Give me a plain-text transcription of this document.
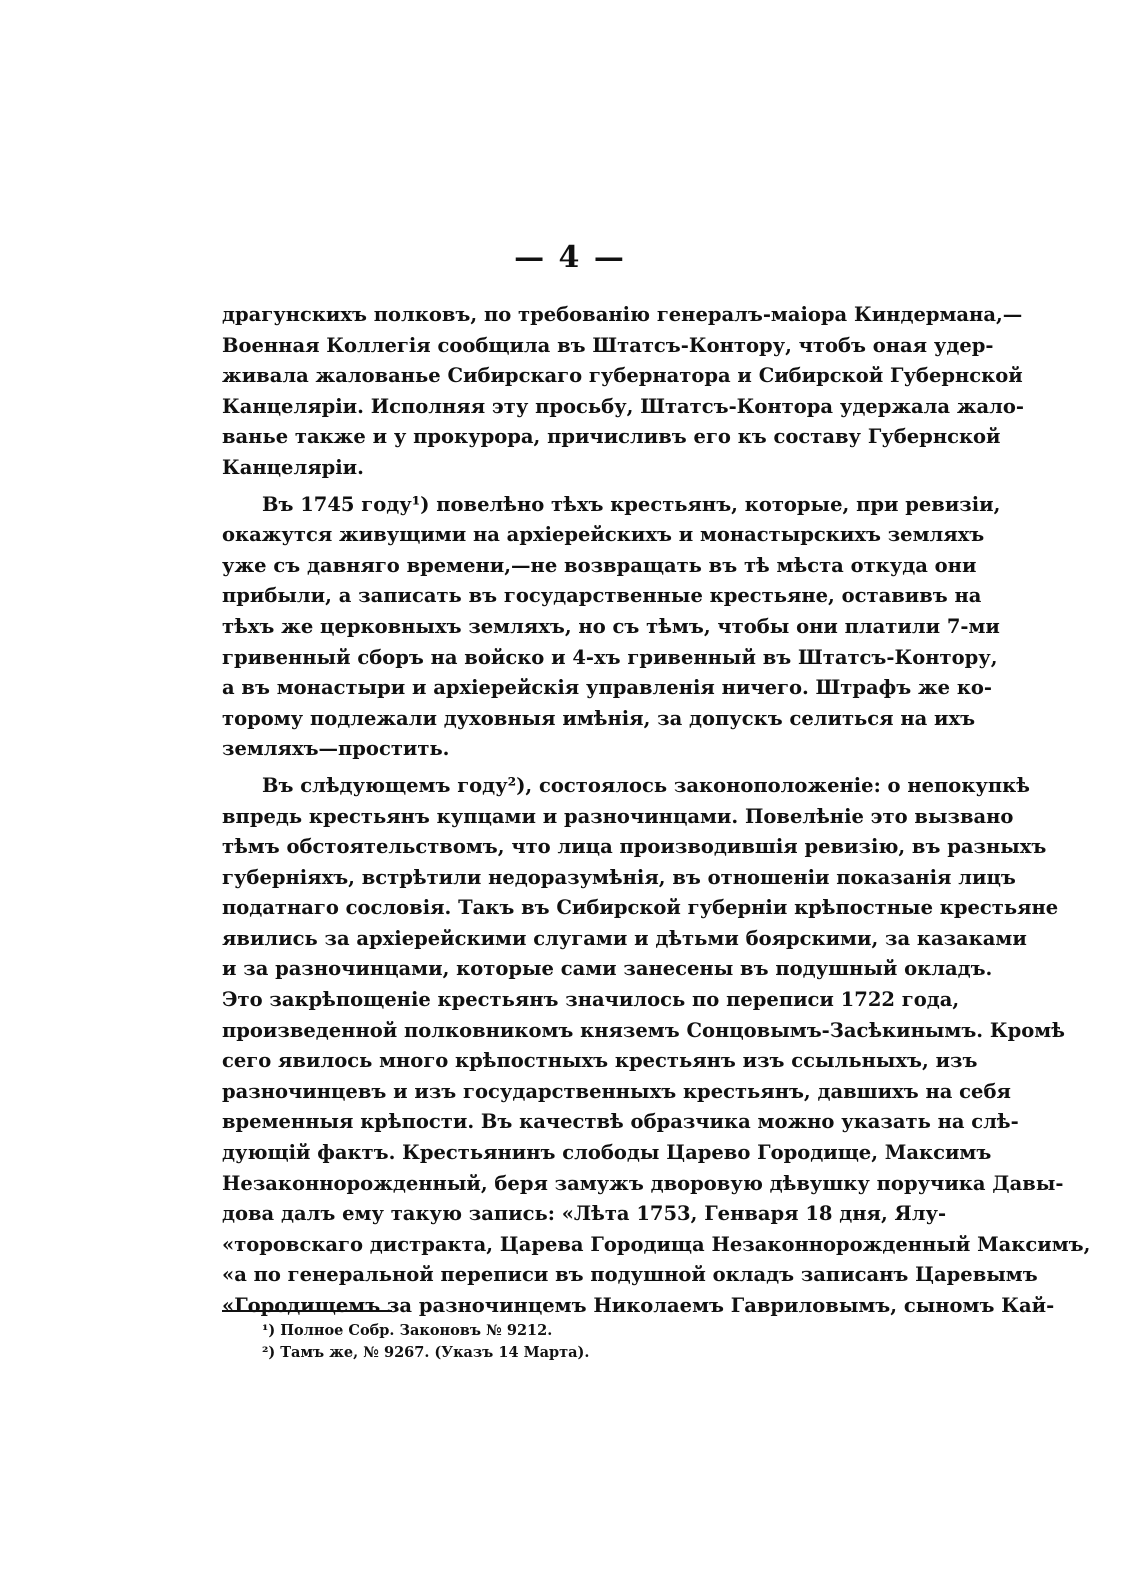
— 4 —
драгунскихъ полковъ, по требованію генералъ-маіора Киндермана,—
Военная Коллегія сообщила въ Штатсъ-Контору, чтобъ оная удер-
живала жалованье Сибирскаго губернатора и Сибирской Губернской
Канцеляріи. Исполняя эту просьбу, Штатсъ-Контора удержала жало-
ванье также и у прокурора, причисливъ его къ составу Губернской
Канцеляріи.
Въ 1745 году¹) повелѣно тѣхъ крестьянъ, которые, при ревизіи,
окажутся живущими на архіерейскихъ и монастырскихъ земляхъ
уже съ давняго времени,—не возвращать въ тѣ мѣста откуда они
прибыли, а записать въ государственные крестьяне, оставивъ на
тѣхъ же церковныхъ земляхъ, но съ тѣмъ, чтобы они платили 7-ми
гривенный сборъ на войско и 4-хъ гривенный въ Штатсъ-Контору,
а въ монастыри и архіерейскія управленія ничего. Штрафъ же ко-
торому подлежали духовныя имѣнія, за допускъ селиться на ихъ
земляхъ—простить.
Въ слѣдующемъ году²), состоялось законоположеніе: о непокупкѣ
впредь крестьянъ купцами и разночинцами. Повелѣніе это вызвано
тѣмъ обстоятельствомъ, что лица производившія ревизію, въ разныхъ
губерніяхъ, встрѣтили недоразумѣнія, въ отношеніи показанія лицъ
податнаго сословія. Такъ въ Сибирской губерніи крѣпостные крестьяне
явились за архіерейскими слугами и дѣтьми боярскими, за казаками
и за разночинцами, которые сами занесены въ подушный окладъ.
Это закрѣпощеніе крестьянъ значилось по переписи 1722 года,
произведенной полковникомъ княземъ Сонцовымъ-Засѣкинымъ. Кромѣ
сего явилось много крѣпостныхъ крестьянъ изъ ссыльныхъ, изъ
разночинцевъ и изъ государственныхъ крестьянъ, давшихъ на себя
временныя крѣпости. Въ качествѣ образчика можно указать на слѣ-
дующій фактъ. Крестьянинъ слободы Царево Городище, Максимъ
Незаконнорожденный, беря замужъ дворовую дѣвушку поручика Давы-
дова далъ ему такую запись: «Лѣта 1753, Генваря 18 дня, Ялу-
«торовскаго дистракта, Царева Городища Незаконнорожденный Максимъ,
«а по генеральной переписи въ подушной окладъ записанъ Царевымъ
«Городищемъ за разночинцемъ Николаемъ Гавриловымъ, сыномъ Кай-
¹) Полное Собр. Законовъ № 9212.
²) Тамъ же, № 9267. (Указъ 14 Марта).
